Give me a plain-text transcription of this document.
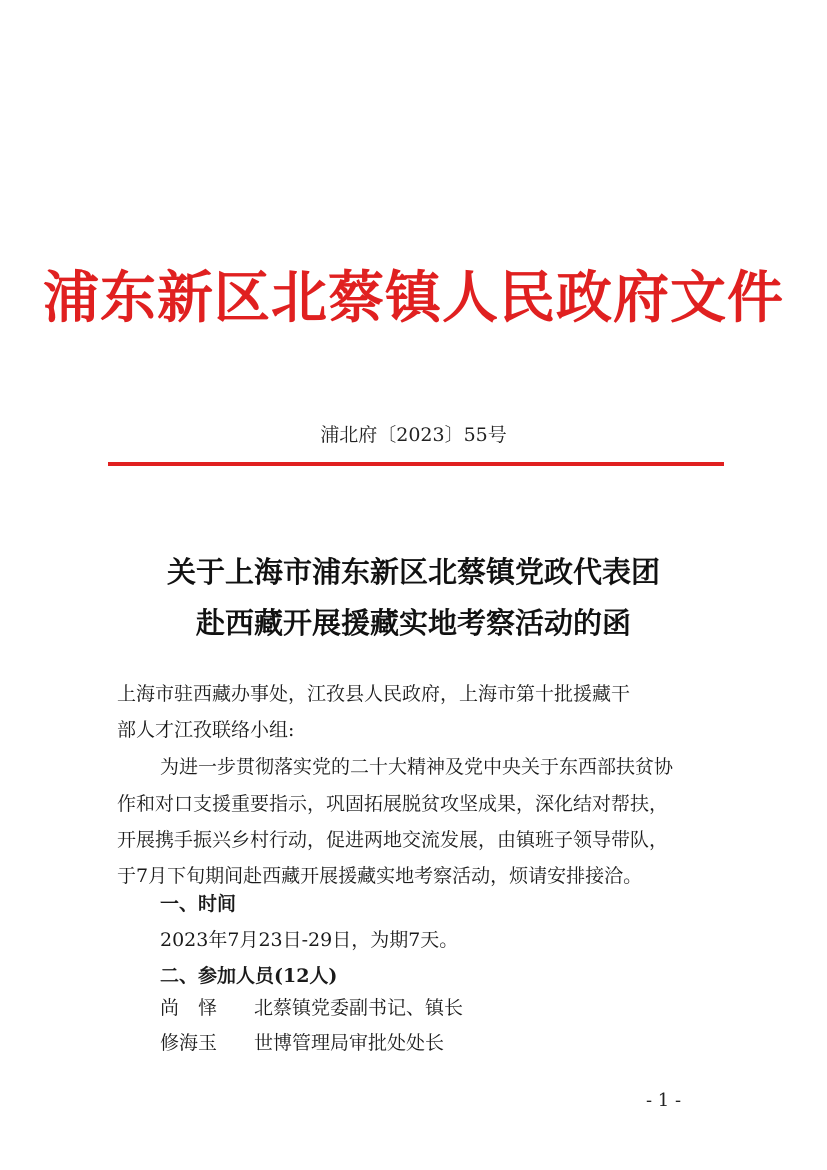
浦东新区北蔡镇人民政府文件
浦北府〔2023〕55号
关于上海市浦东新区北蔡镇党政代表团
赴西藏开展援藏实地考察活动的函
上海市驻西藏办事处，江孜县人民政府，上海市第十批援藏干
部人才江孜联络小组:
为进一步贯彻落实党的二十大精神及党中央关于东西部扶贫协
作和对口支援重要指示，巩固拓展脱贫攻坚成果，深化结对帮扶，
开展携手振兴乡村行动，促进两地交流发展，由镇班子领导带队，
于7月下旬期间赴西藏开展援藏实地考察活动，烦请安排接洽。
一、时间
2023年7月23日-29日，为期7天。
二、参加人员(12人)
尚　怿 北蔡镇党委副书记、镇长
修海玉 世博管理局审批处处长
- 1 -
